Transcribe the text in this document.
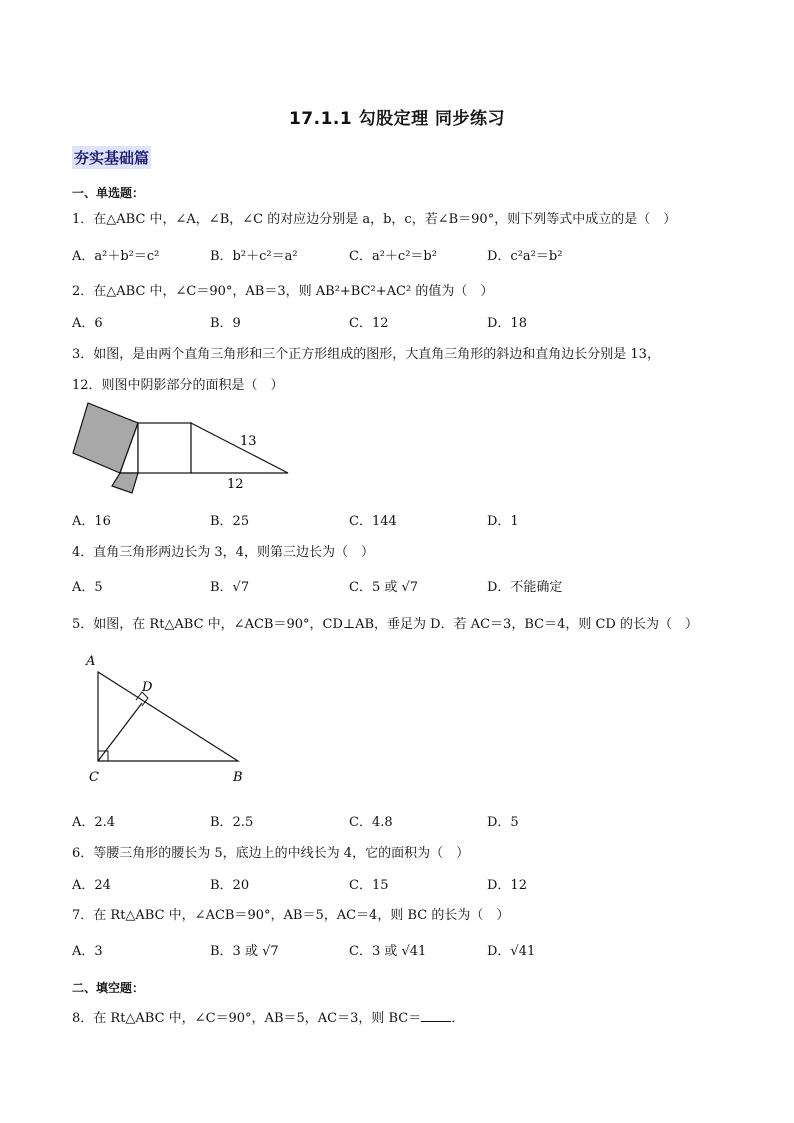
17.1.1 勾股定理 同步练习
夯实基础篇
一、单选题：
1．在△ABC 中，∠A，∠B，∠C 的对应边分别是 a，b，c，若∠B＝90°，则下列等式中成立的是（　）
A．a²＋b²＝c²	B．b²＋c²＝a²	C．a²＋c²＝b²	D．c²a²＝b²
2．在△ABC 中，∠C＝90°，AB＝3，则 AB²+BC²+AC² 的值为（　）
A．6	B．9	C．12	D．18
3．如图，是由两个直角三角形和三个正方形组成的图形，大直角三角形的斜边和直角边长分别是 13，
12．则图中阴影部分的面积是（　）
13
12
A．16	B．25	C．144	D．1
4．直角三角形两边长为 3，4，则第三边长为（　）
A．5	B．√7	C．5 或 √7	D．不能确定
5．如图，在 Rt△ABC 中，∠ACB＝90°，CD⊥AB，垂足为 D．若 AC＝3，BC＝4，则 CD 的长为（　）
A
D
C	B
A．2.4	B．2.5	C．4.8	D．5
6．等腰三角形的腰长为 5，底边上的中线长为 4，它的面积为（　）
A．24	B．20	C．15	D．12
7．在 Rt△ABC 中，∠ACB＝90°，AB＝5，AC＝4，则 BC 的长为（　）
A．3	B．3 或 √7	C．3 或 √41	D．√41
二、填空题：
8．在 Rt△ABC 中，∠C＝90°，AB＝5，AC＝3，则 BC＝ ．
